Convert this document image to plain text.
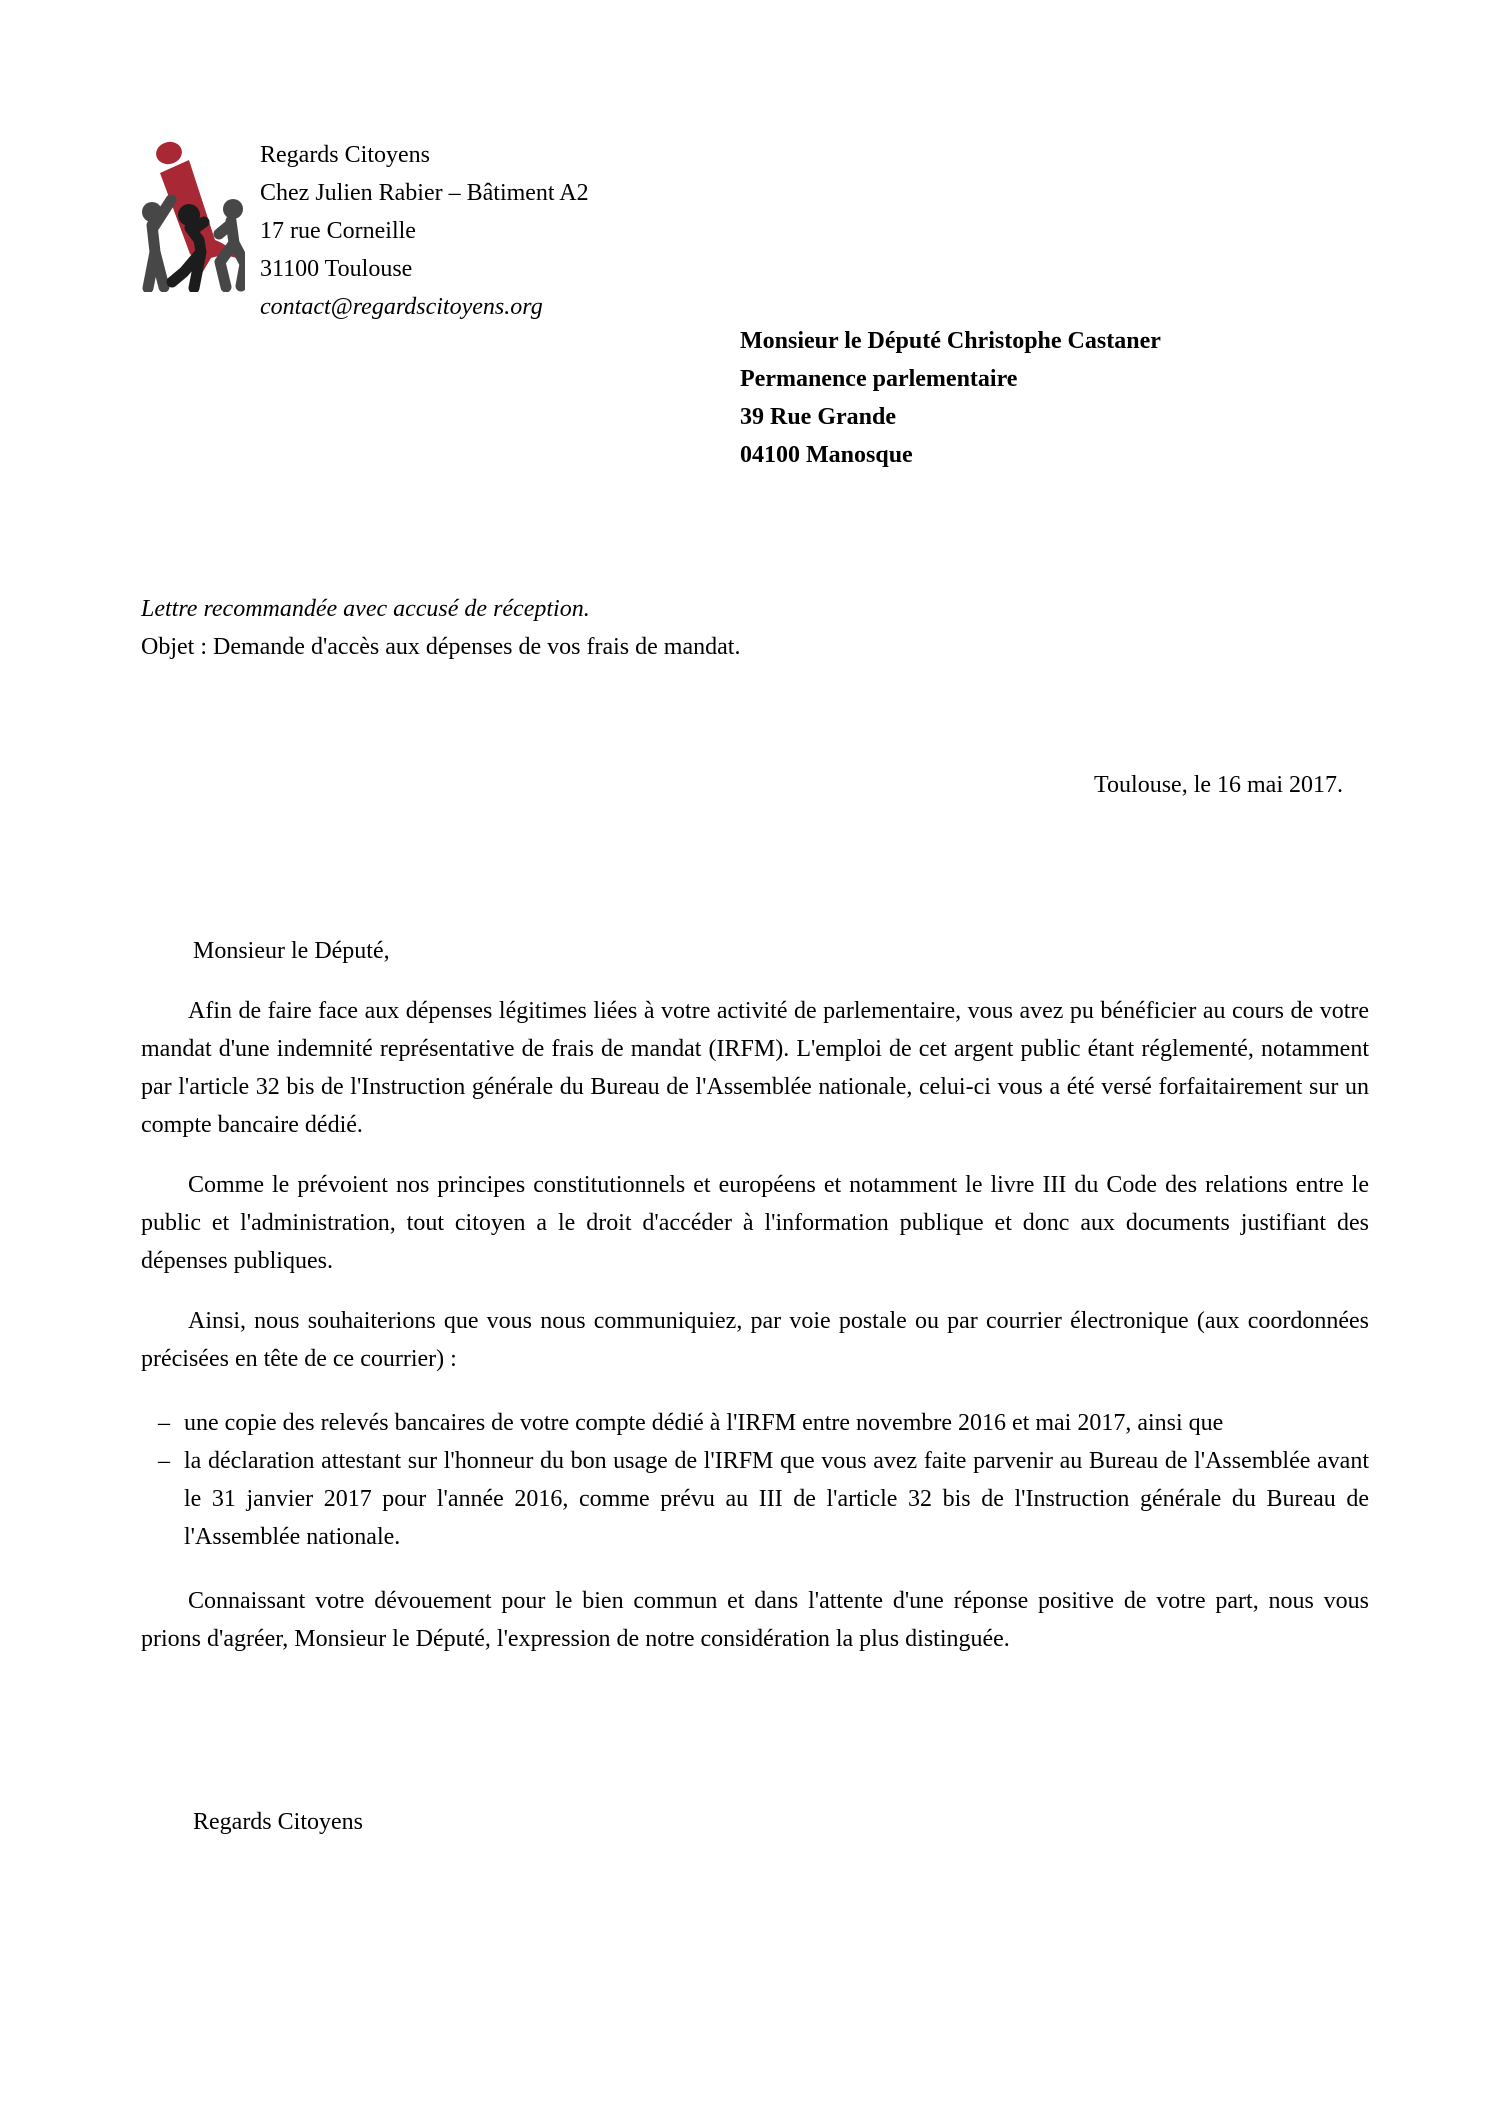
Regards Citoyens
Chez Julien Rabier – Bâtiment A2
17 rue Corneille
31100 Toulouse
contact@regardscitoyens.org
Monsieur le Député Christophe Castaner
Permanence parlementaire
39 Rue Grande
04100 Manosque
Lettre recommandée avec accusé de réception.
Objet : Demande d'accès aux dépenses de vos frais de mandat.
Toulouse, le 16 mai 2017.
Monsieur le Député,

Afin de faire face aux dépenses légitimes liées à votre activité de parlementaire, vous avez pu bénéficier au cours de votre mandat d'une indemnité représentative de frais de mandat (IRFM). L'emploi de cet argent public étant réglementé, notamment par l'article 32 bis de l'Instruction générale du Bureau de l'Assemblée nationale, celui-ci vous a été versé forfaitairement sur un compte bancaire dédié.

Comme le prévoient nos principes constitutionnels et européens et notamment le livre III du Code des relations entre le public et l'administration, tout citoyen a le droit d'accéder à l'information publique et donc aux documents justifiant des dépenses publiques.

Ainsi, nous souhaiterions que vous nous communiquiez, par voie postale ou par courrier électronique (aux coordonnées précisées en tête de ce courrier) :

– une copie des relevés bancaires de votre compte dédié à l'IRFM entre novembre 2016 et mai 2017, ainsi que
– la déclaration attestant sur l'honneur du bon usage de l'IRFM que vous avez faite parvenir au Bureau de l'Assemblée avant le 31 janvier 2017 pour l'année 2016, comme prévu au III de l'article 32 bis de l'Instruction générale du Bureau de l'Assemblée nationale.

Connaissant votre dévouement pour le bien commun et dans l'attente d'une réponse positive de votre part, nous vous prions d'agréer, Monsieur le Député, l'expression de notre considération la plus distinguée.

Regards Citoyens
